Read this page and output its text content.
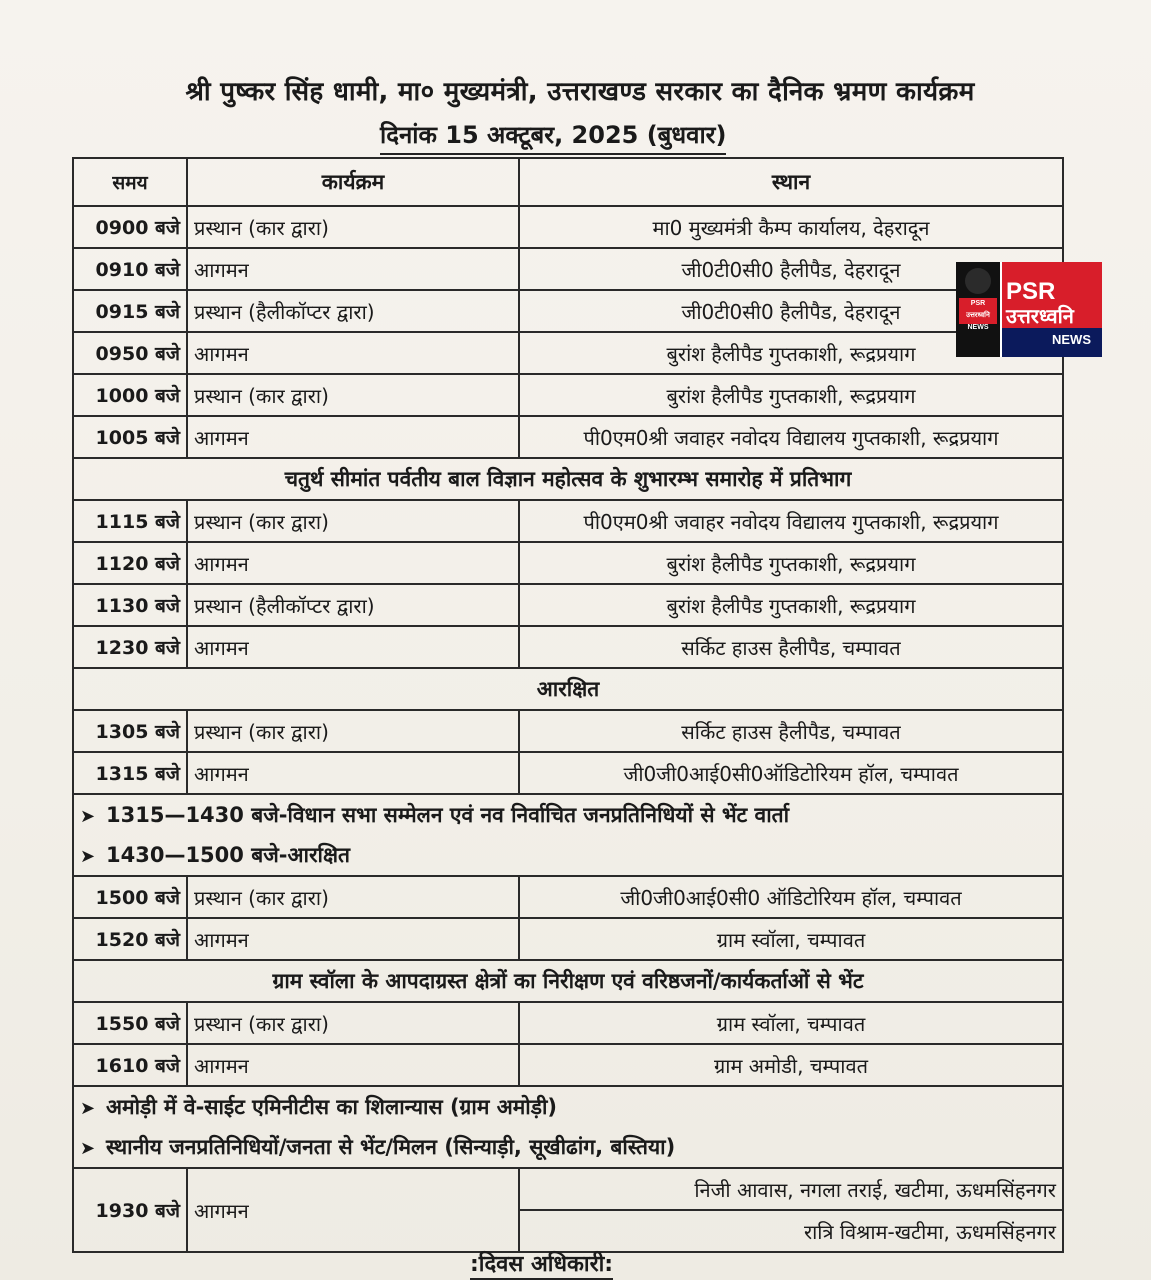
श्री पुष्कर सिंह धामी, मा० मुख्यमंत्री, उत्तराखण्ड सरकार का दैनिक भ्रमण कार्यक्रम
दिनांक 15 अक्टूबर, 2025 (बुधवार)
समय	कार्यक्रम	स्थान
0900 बजे	प्रस्थान (कार द्वारा)	मा0 मुख्यमंत्री कैम्प कार्यालय, देहरादून
0910 बजे	आगमन	जी0टी0सी0 हैलीपैड, देहरादून
0915 बजे	प्रस्थान (हैलीकॉप्टर द्वारा)	जी0टी0सी0 हैलीपैड, देहरादून
0950 बजे	आगमन	बुरांश हैलीपैड गुप्तकाशी, रूद्रप्रयाग
1000 बजे	प्रस्थान (कार द्वारा)	बुरांश हैलीपैड गुप्तकाशी, रूद्रप्रयाग
1005 बजे	आगमन	पी0एम0श्री जवाहर नवोदय विद्यालय गुप्तकाशी, रूद्रप्रयाग
चतुर्थ सीमांत पर्वतीय बाल विज्ञान महोत्सव के शुभारम्भ समारोह में प्रतिभाग		
1115 बजे	प्रस्थान (कार द्वारा)	पी0एम0श्री जवाहर नवोदय विद्यालय गुप्तकाशी, रूद्रप्रयाग
1120 बजे	आगमन	बुरांश हैलीपैड गुप्तकाशी, रूद्रप्रयाग
1130 बजे	प्रस्थान (हैलीकॉप्टर द्वारा)	बुरांश हैलीपैड गुप्तकाशी, रूद्रप्रयाग
1230 बजे	आगमन	सर्किट हाउस हैलीपैड, चम्पावत
आरक्षित		
1305 बजे	प्रस्थान (कार द्वारा)	सर्किट हाउस हैलीपैड, चम्पावत
1315 बजे	आगमन	जी0जी0आई0सी0ऑडिटोरियम हॉल, चम्पावत
➤ 1315—1430 बजे-विधान सभा सम्मेलन एवं नव निर्वाचित जनप्रतिनिधियों से भेंट वार्ता		
➤ 1430—1500 बजे-आरक्षित		
1500 बजे	प्रस्थान (कार द्वारा)	जी0जी0आई0सी0 ऑडिटोरियम हॉल, चम्पावत
1520 बजे	आगमन	ग्राम स्वॉला, चम्पावत
ग्राम स्वॉला के आपदाग्रस्त क्षेत्रों का निरीक्षण एवं वरिष्ठजनों/कार्यकर्ताओं से भेंट		
1550 बजे	प्रस्थान (कार द्वारा)	ग्राम स्वॉला, चम्पावत
1610 बजे	आगमन	ग्राम अमोडी, चम्पावत
➤ अमोड़ी में वे-साईट एमिनीटीस का शिलान्यास (ग्राम अमोड़ी)		
➤ स्थानीय जनप्रतिनिधियों/जनता से भेंट/मिलन (सिन्याड़ी, सूखीढांग, बस्तिया)		
1930 बजे	आगमन	निजी आवास, नगला तराई, खटीमा, ऊधमसिंहनगर
		रात्रि विश्राम-खटीमा, ऊधमसिंहनगर
:दिवस अधिकारी:
PSR उत्तरध्वनि NEWS
PSR
उत्तरध्वनि
NEWS
